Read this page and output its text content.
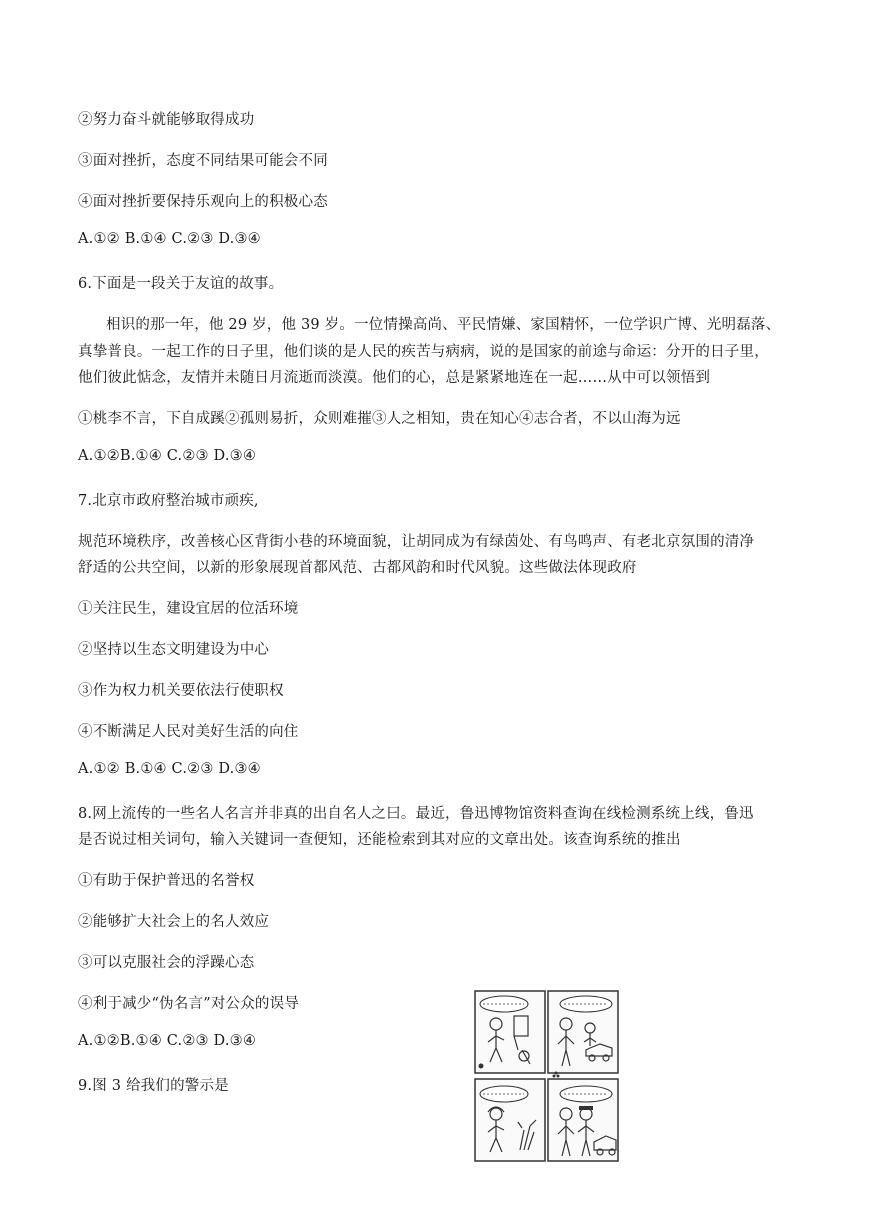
②努力奋斗就能够取得成功
③面对挫折，态度不同结果可能会不同
④面对挫折要保持乐观向上的积极心态
A.①② B.①④ C.②③ D.③④
6.下面是一段关于友谊的故事。
相识的那一年，他 29 岁，他 39 岁。一位情操高尚、平民情嫌、家国精怀，一位学识广博、光明磊落、
真挚普良。一起工作的日子里，他们谈的是人民的疾苦与病病，说的是国家的前途与命运：分开的日子里，
他们彼此惦念，友情并未随日月流逝而淡漠。他们的心，总是紧紧地连在一起……从中可以领悟到
①桃李不言，下自成蹊②孤则易折，众则难摧③人之相知，贵在知心④志合者，不以山海为远
A.①②B.①④ C.②③ D.③④
7.北京市政府整治城市顽疾,
规范环境秩序，改善核心区背街小巷的环境面貌，让胡同成为有绿茵处、有鸟鸣声、有老北京氛围的清净
舒适的公共空间，以新的形象展现首都风范、古都风韵和时代风貌。这些做法体现政府
①关注民生，建设宜居的位活环境
②坚持以生态文明建设为中心
③作为权力机关要依法行使职权
④不断满足人民对美好生活的向住
A.①② B.①④ C.②③ D.③④
8.网上流传的一些名人名言并非真的出自名人之曰。最近，鲁迅博物馆资料查询在线检测系统上线，鲁迅
是否说过相关词句，输入关键词一查便知，还能检索到其对应的文章出处。该查询系统的推出
①有助于保护普迅的名誉权
②能够扩大社会上的名人效应
③可以克服社会的浮躁心态
④利于减少“伪名言”对公众的误导
A.①②B.①④ C.②③ D.③④
9.图 3 给我们的警示是
